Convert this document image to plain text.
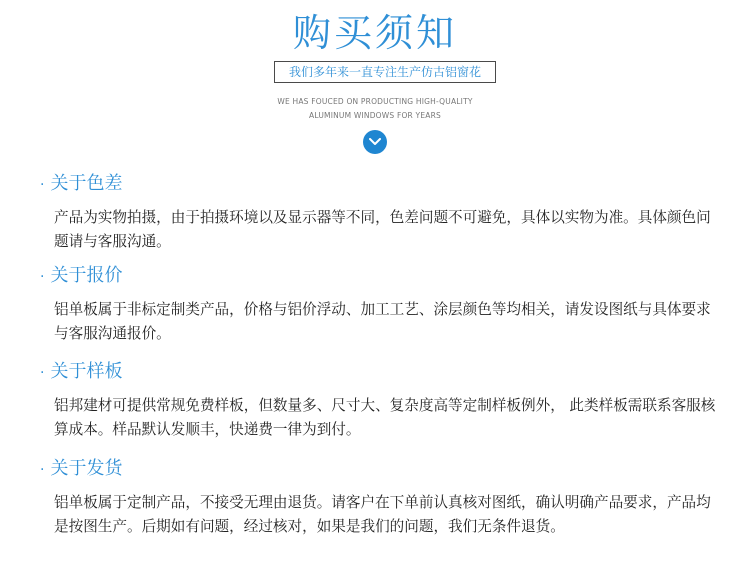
购买须知
我们多年来一直专注生产仿古铝窗花
WE HAS FOUCED ON PRODUCTING HIGH-QUALITY
ALUMINUM WINDOWS FOR YEARS
· 关于色差
产品为实物拍摄，由于拍摄环境以及显示器等不同，色差问题不可避免，具体以实物为准。具体颜色问题请与客服沟通。
· 关于报价
铝单板属于非标定制类产品，价格与铝价浮动、加工工艺、涂层颜色等均相关，请发设图纸与具体要求与客服沟通报价。
· 关于样板
铝邦建材可提供常规免费样板，但数量多、尺寸大、复杂度高等定制样板例外， 此类样板需联系客服核算成本。样品默认发顺丰，快递费一律为到付。
· 关于发货
铝单板属于定制产品，不接受无理由退货。请客户在下单前认真核对图纸，确认明确产品要求，产品均是按图生产。后期如有问题，经过核对，如果是我们的问题，我们无条件退货。
